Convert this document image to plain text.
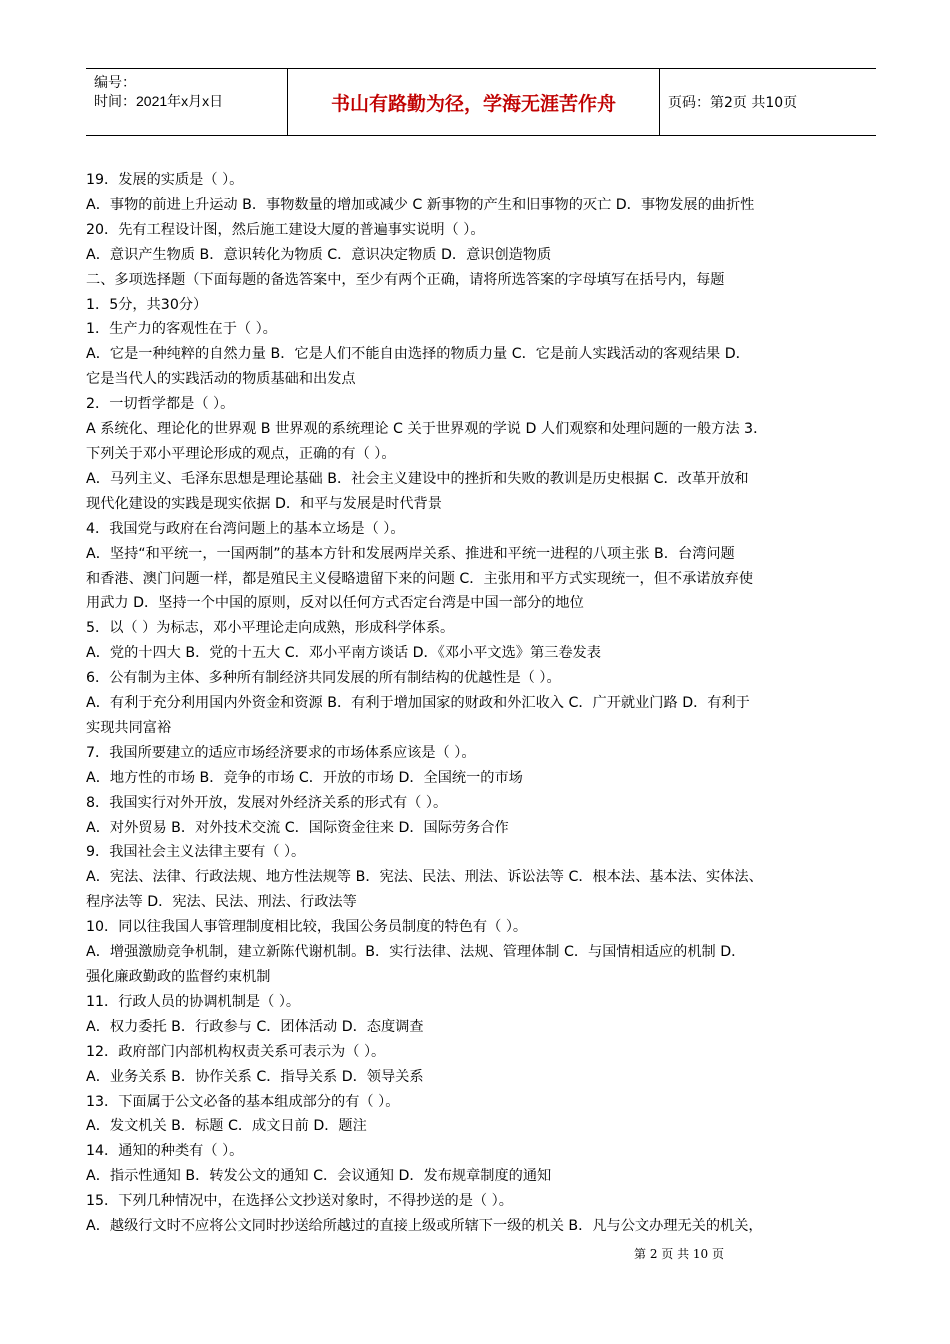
编号：
时间：2021年x月x日	书山有路勤为径，学海无涯苦作舟	页码：第2页 共10页

19．发展的实质是（ ）。

A．事物的前进上升运动 B．事物数量的增加或减少 C 新事物的产生和旧事物的灭亡 D．事物发展的曲折性

20．先有工程设计图，然后施工建设大厦的普遍事实说明（ ）。

A．意识产生物质 B．意识转化为物质 C．意识决定物质 D．意识创造物质

二、多项选择题（下面每题的备选答案中，至少有两个正确，请将所选答案的字母填写在括号内，每题

1．5分，共30分）

1．生产力的客观性在于（ ）。

A．它是一种纯粹的自然力量 B．它是人们不能自由选择的物质力量 C．它是前人实践活动的客观结果 D．

它是当代人的实践活动的物质基础和出发点

2．一切哲学都是（ ）。

A 系统化、理论化的世界观 B 世界观的系统理论 C 关于世界观的学说 D 人们观察和处理问题的一般方法 3．

下列关于邓小平理论形成的观点，正确的有（ ）。

A．马列主义、毛泽东思想是理论基础 B．社会主义建设中的挫折和失败的教训是历史根据 C．改革开放和

现代化建设的实践是现实依据 D．和平与发展是时代背景

4．我国党与政府在台湾问题上的基本立场是（ ）。

A．坚持“和平统一，一国两制”的基本方针和发展两岸关系、推进和平统一进程的八项主张 B．台湾问题

和香港、澳门问题一样，都是殖民主义侵略遗留下来的问题 C．主张用和平方式实现统一，但不承诺放弃使

用武力 D．坚持一个中国的原则，反对以任何方式否定台湾是中国一部分的地位

5．以（ ）为标志，邓小平理论走向成熟，形成科学体系。

A．党的十四大 B．党的十五大 C．邓小平南方谈话 D．《邓小平文选》第三卷发表

6．公有制为主体、多种所有制经济共同发展的所有制结构的优越性是（ ）。

A．有利于充分利用国内外资金和资源 B．有利于增加国家的财政和外汇收入 C．广开就业门路 D．有利于

实现共同富裕

7．我国所要建立的适应市场经济要求的市场体系应该是（ ）。

A．地方性的市场 B．竞争的市场 C．开放的市场 D．全国统一的市场

8．我国实行对外开放，发展对外经济关系的形式有（ ）。

A．对外贸易 B．对外技术交流 C．国际资金往来 D．国际劳务合作

9．我国社会主义法律主要有（ ）。

A．宪法、法律、行政法规、地方性法规等 B．宪法、民法、刑法、诉讼法等 C．根本法、基本法、实体法、

程序法等 D．宪法、民法、刑法、行政法等

10．同以往我国人事管理制度相比较，我国公务员制度的特色有（ ）。

A．增强激励竞争机制，建立新陈代谢机制。B．实行法律、法规、管理体制 C．与国情相适应的机制 D．

强化廉政勤政的监督约束机制

11．行政人员的协调机制是（ ）。

A．权力委托 B．行政参与 C．团体活动 D．态度调查

12．政府部门内部机构权责关系可表示为（ ）。

A．业务关系 B．协作关系 C．指导关系 D．领导关系

13．下面属于公文必备的基本组成部分的有（ ）。

A．发文机关 B．标题 C．成文日前 D．题注

14．通知的种类有（ ）。

A．指示性通知 B．转发公文的通知 C．会议通知 D．发布规章制度的通知

15．下列几种情况中，在选择公文抄送对象时，不得抄送的是（ ）。

A．越级行文时不应将公文同时抄送给所越过的直接上级或所辖下一级的机关 B．凡与公文办理无关的机关，

第 2 页 共 10 页
